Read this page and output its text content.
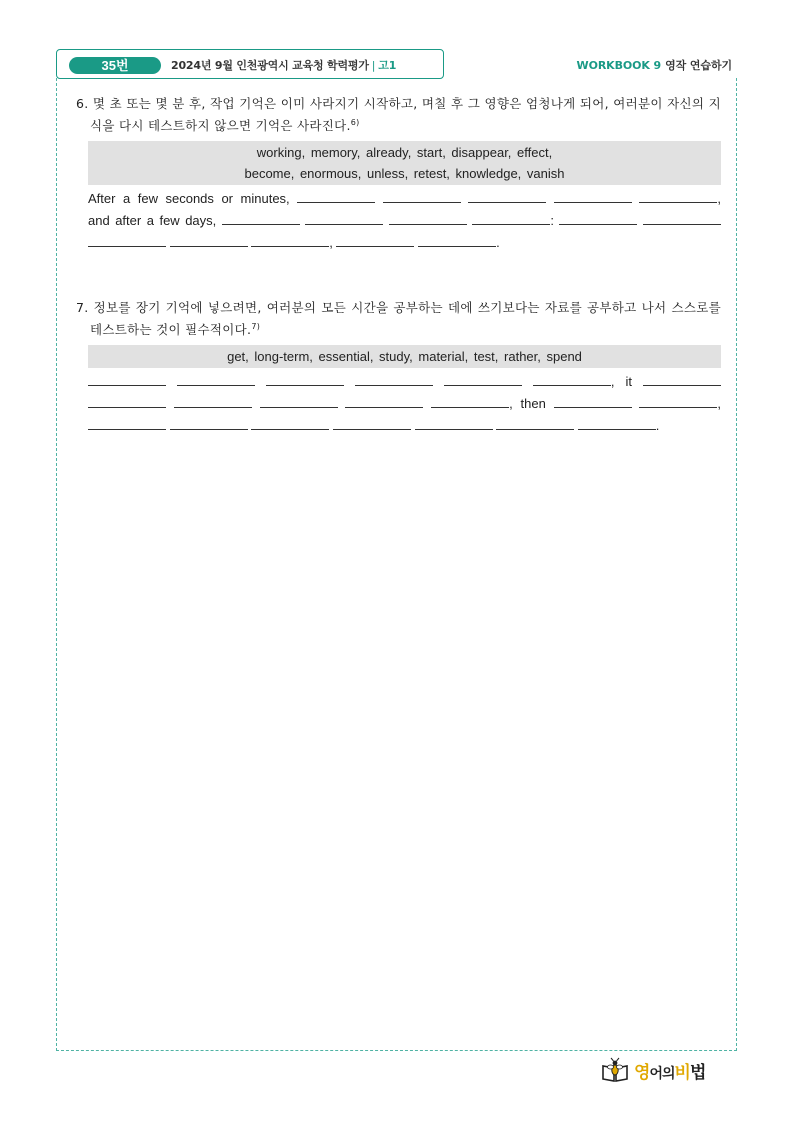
35번	2024년 9월 인천광역시 교육청 학력평가 | 고1	WORKBOOK 9 영작 연습하기
6. 몇 초 또는 몇 분 후, 작업 기억은 이미 사라지기 시작하고, 며칠 후 그 영향은 엄청나게 되어, 여러분이 자신의 지식을 다시 테스트하지 않으면 기억은 사라진다.$^{6)}$
working, memory, already, start, disappear, effect,
become, enormous, unless, retest, knowledge, vanish
After a few seconds or minutes,	,
and after a few days,	:
,	.
7. 정보를 장기 기억에 넣으려면, 여러분의 모든 시간을 공부하는 데에 쓰기보다는 자료를 공부하고 나서 스스로를 테스트하는 것이 필수적이다.$^{7)}$
get, long-term, essential, study, material, test, rather, spend
, it
, then	,
.
영어의비법
